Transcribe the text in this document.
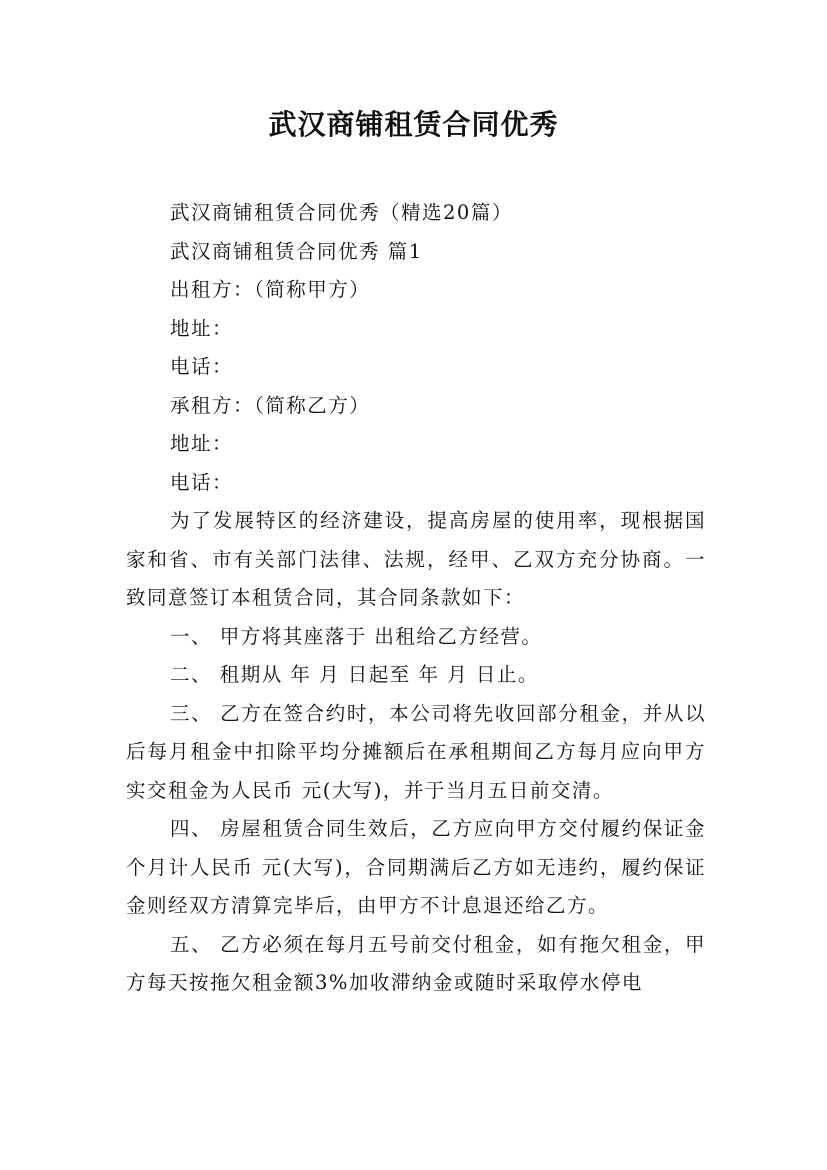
武汉商铺租赁合同优秀
武汉商铺租赁合同优秀（精选20篇）
武汉商铺租赁合同优秀 篇1
出租方：（简称甲方）
地址：
电话：
承租方：（简称乙方）
地址：
电话：
为了发展特区的经济建设，提高房屋的使用率，现根据国家和省、市有关部门法律、法规，经甲、乙双方充分协商。一致同意签订本租赁合同，其合同条款如下：
一、 甲方将其座落于 出租给乙方经营。
二、 租期从 年 月 日起至 年 月 日止。
三、 乙方在签合约时，本公司将先收回部分租金，并从以后每月租金中扣除平均分摊额后在承租期间乙方每月应向甲方实交租金为人民币 元(大写)，并于当月五日前交清。
四、 房屋租赁合同生效后，乙方应向甲方交付履约保证金 个月计人民币 元(大写)，合同期满后乙方如无违约，履约保证金则经双方清算完毕后，由甲方不计息退还给乙方。
五、 乙方必须在每月五号前交付租金，如有拖欠租金，甲方每天按拖欠租金额3%加收滞纳金或随时采取停水停电
